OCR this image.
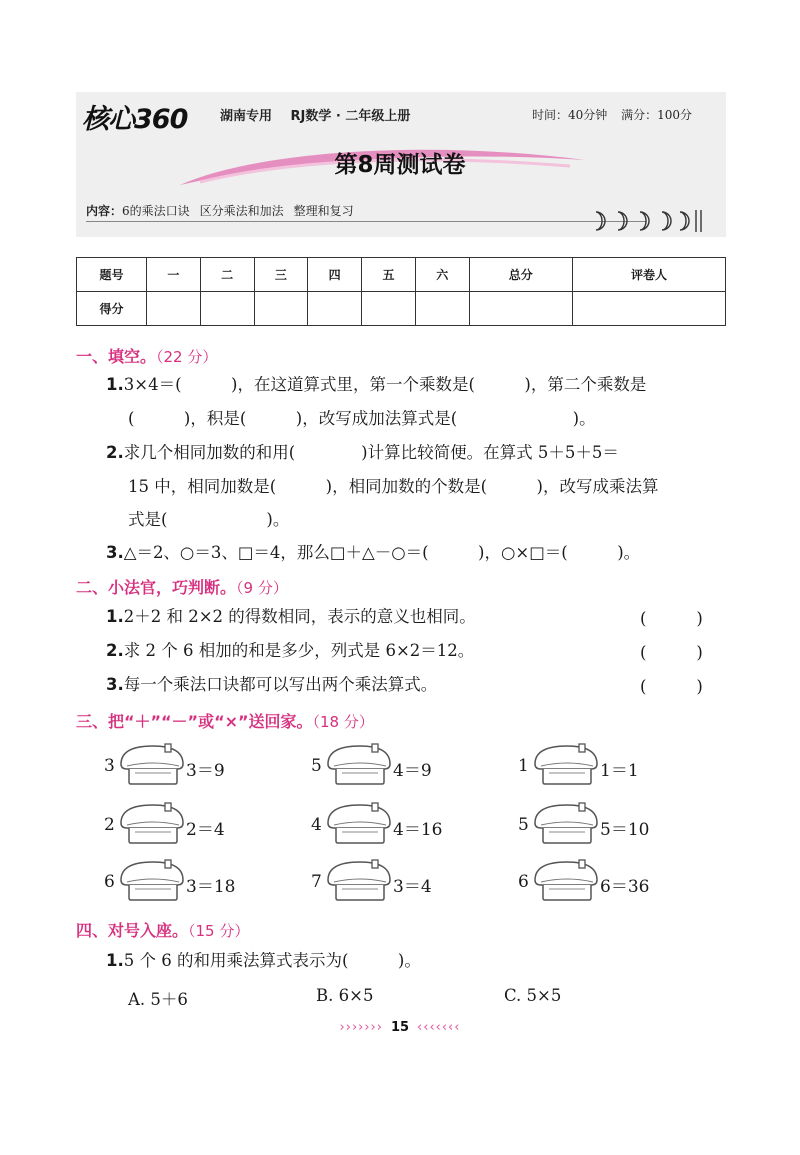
核心360	湖南专用 RJ数学 · 二年级上册	时间：40分钟 满分：100分
第8周测试卷
内容：6的乘法口诀 区分乘法和加法 整理和复习
题号	一	二	三	四	五	六	总分	评卷人
得分								
一、填空。（22 分）
1.3×4＝(　　　)，在这道算式里，第一个乘数是(　　　)，第二个乘数是
(　　　)，积是(　　　)，改写成加法算式是(　　　　　　　)。
2.求几个相同加数的和用(　　　　)计算比较简便。在算式 5＋5＋5＝
15 中，相同加数是(　　　)，相同加数的个数是(　　　)，改写成乘法算
式是(　　　　　　)。
3.△＝2、○＝3、□＝4，那么□＋△－○＝(　　　)，○×□＝(　　　)。
二、小法官，巧判断。（9 分）
1.2＋2 和 2×2 的得数相同，表示的意义也相同。	()
2.求 2 个 6 相加的和是多少，列式是 6×2＝12。	()
3.每一个乘法口诀都可以写出两个乘法算式。	()
三、把“＋”“－”或“×”送回家。（18 分）
3	3＝9	5	4＝9	1	1＝1
2	2＝4	4	4＝16	5	5＝10
6	3＝18	7	3＝4	6	6＝36
四、对号入座。（15 分）
1.5 个 6 的和用乘法算式表示为(　　　)。
A. 5＋6	B. 6×5	C. 5×5
››››››› 15 ‹‹‹‹‹‹‹
